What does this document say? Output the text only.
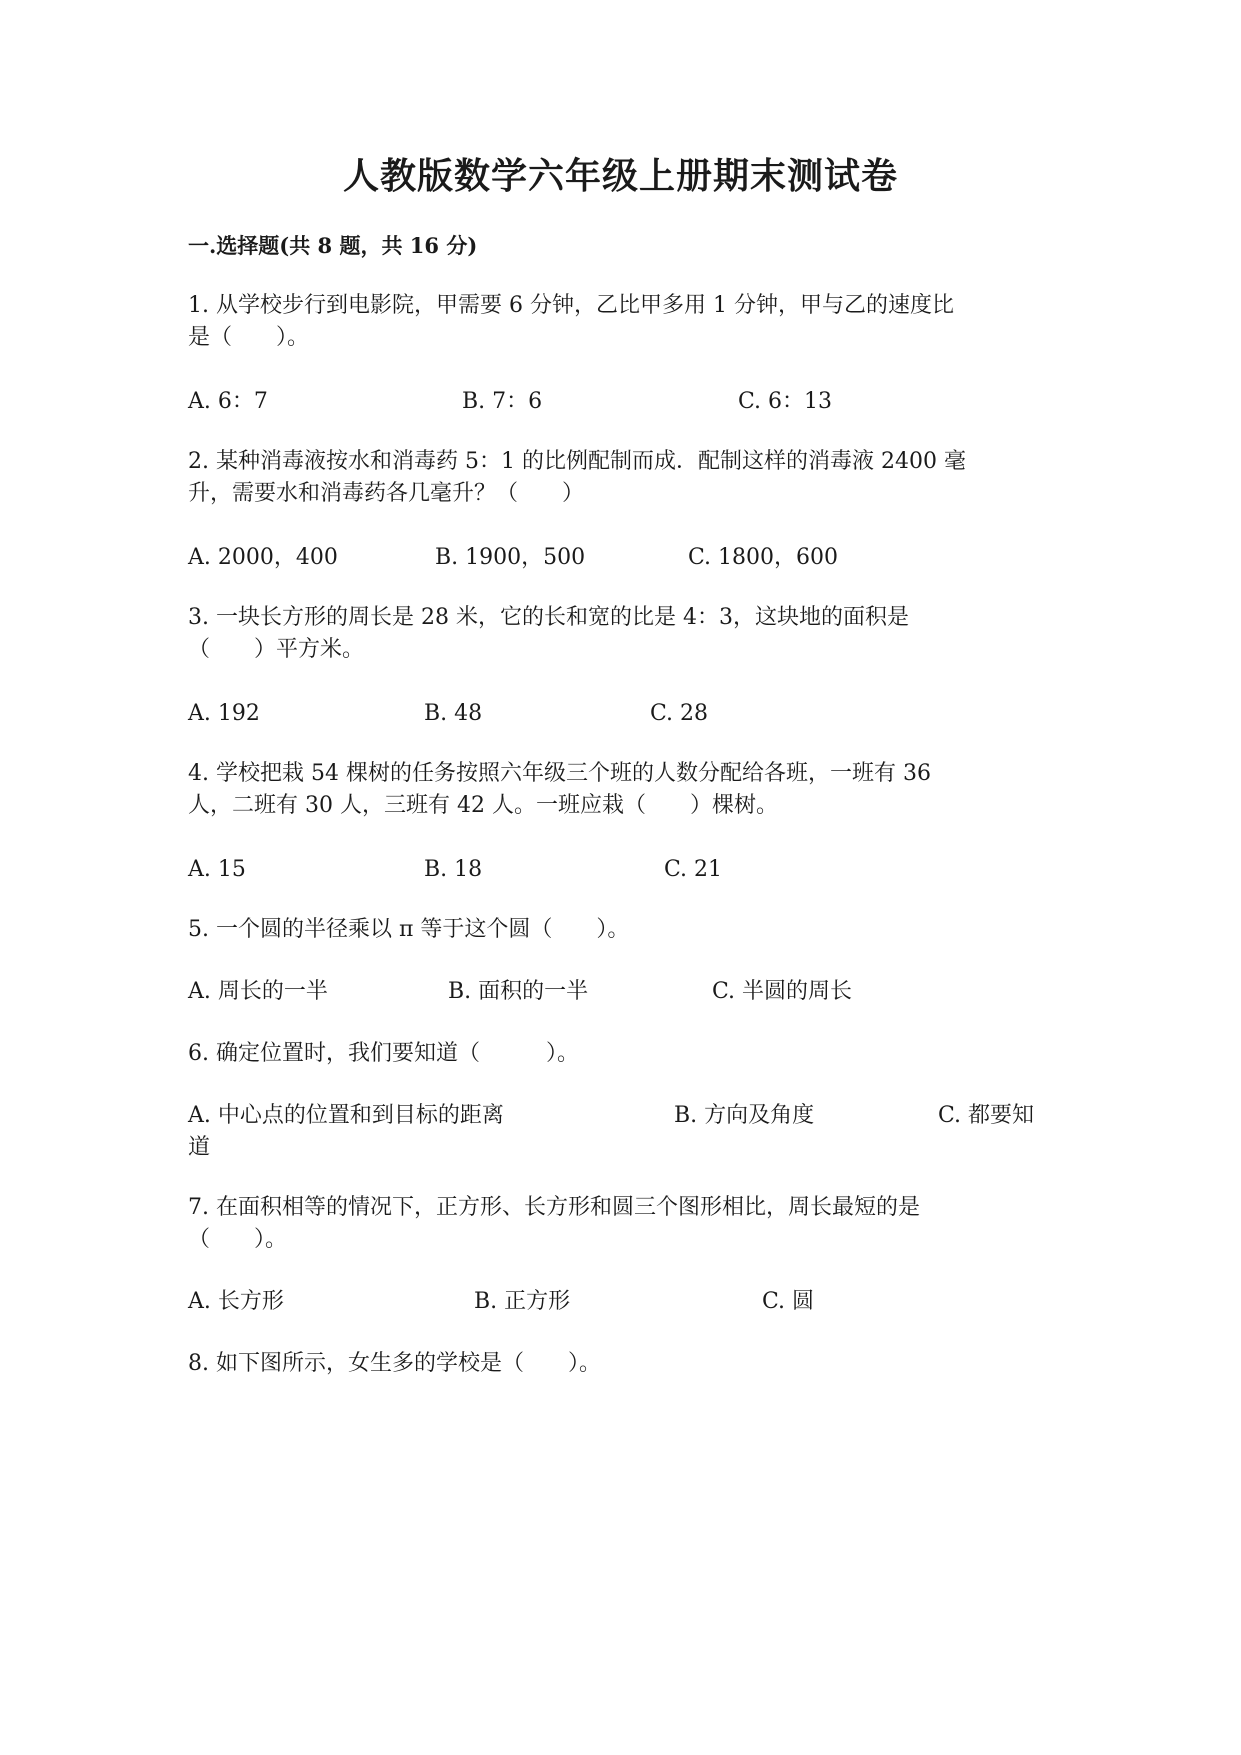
人教版数学六年级上册期末测试卷
一.选择题(共 8 题，共 16 分)
1. 从学校步行到电影院，甲需要 6 分钟，乙比甲多用 1 分钟，甲与乙的速度比
是（　　）。
A. 6：7	B. 7：6	C. 6：13
2. 某种消毒液按水和消毒药 5：1 的比例配制而成．配制这样的消毒液 2400 毫
升，需要水和消毒药各几毫升？（　　）
A. 2000，400	B. 1900，500	C. 1800，600
3. 一块长方形的周长是 28 米，它的长和宽的比是 4：3，这块地的面积是
（　　）平方米。
A. 192	B. 48	C. 28
4. 学校把栽 54 棵树的任务按照六年级三个班的人数分配给各班，一班有 36
人，二班有 30 人，三班有 42 人。一班应栽（　　）棵树。
A. 15	B. 18	C. 21
5. 一个圆的半径乘以 π 等于这个圆（　　）。
A. 周长的一半	B. 面积的一半	C. 半圆的周长
6. 确定位置时，我们要知道（　　　）。
A. 中心点的位置和到目标的距离	B. 方向及角度	C. 都要知
道
7. 在面积相等的情况下，正方形、长方形和圆三个图形相比，周长最短的是
（　　）。
A. 长方形	B. 正方形	C. 圆
8. 如下图所示，女生多的学校是（　　）。
